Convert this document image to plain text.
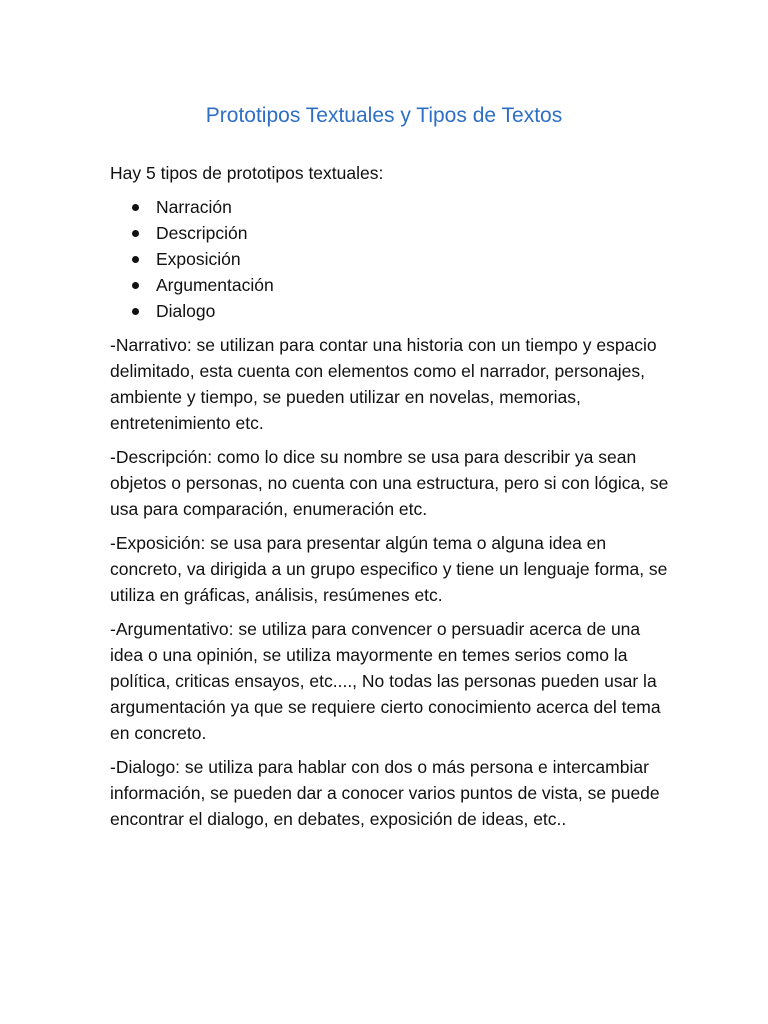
Prototipos Textuales y Tipos de Textos

Hay 5 tipos de prototipos textuales:

Narración
Descripción
Exposición
Argumentación
Dialogo

-Narrativo: se utilizan para contar una historia con un tiempo y espacio delimitado, esta cuenta con elementos como el narrador, personajes, ambiente y tiempo, se pueden utilizar en novelas, memorias, entretenimiento etc.

-Descripción: como lo dice su nombre se usa para describir ya sean objetos o personas, no cuenta con una estructura, pero si con lógica, se usa para comparación, enumeración etc.

-Exposición: se usa para presentar algún tema o alguna idea en concreto, va dirigida a un grupo especifico y tiene un lenguaje forma, se utiliza en gráficas, análisis, resúmenes etc.

-Argumentativo: se utiliza para convencer o persuadir acerca de una idea o una opinión, se utiliza mayormente en temes serios como la política, criticas ensayos, etc...., No todas las personas pueden usar la argumentación ya que se requiere cierto conocimiento acerca del tema en concreto.

-Dialogo: se utiliza para hablar con dos o más persona e intercambiar información, se pueden dar a conocer varios puntos de vista, se puede encontrar el dialogo, en debates, exposición de ideas, etc..
